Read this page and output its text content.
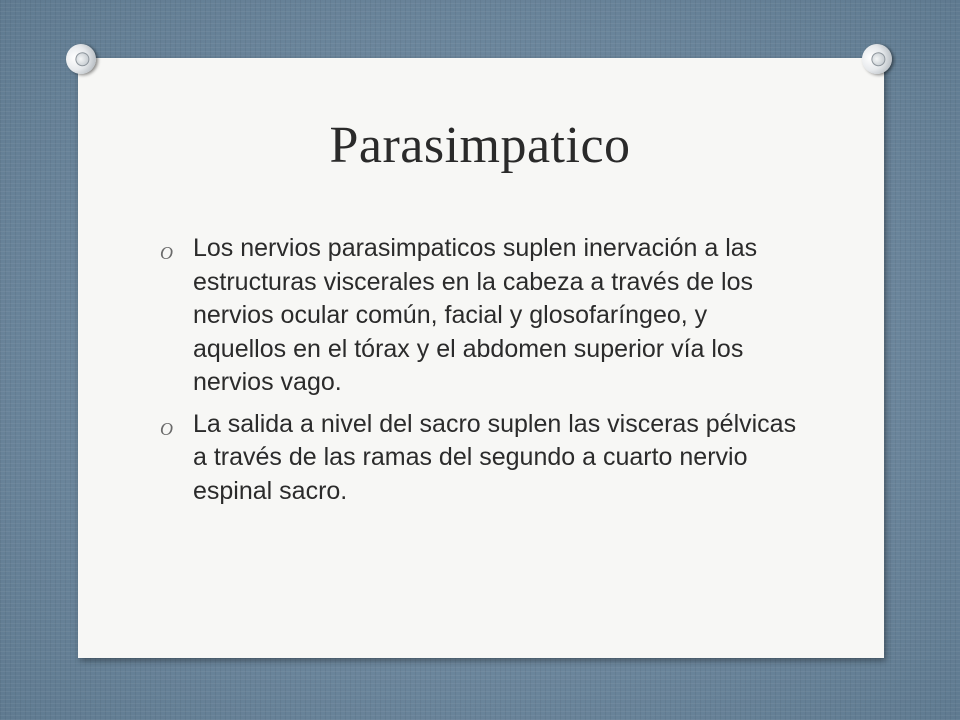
Parasimpatico
O Los nervios parasimpaticos suplen inervación a las estructuras viscerales en la cabeza a través de los nervios ocular común, facial y glosofaríngeo, y aquellos en el tórax y el abdomen superior vía los nervios vago.
O La salida a nivel del sacro suplen las visceras pélvicas a través de las ramas del segundo a cuarto nervio espinal sacro.
